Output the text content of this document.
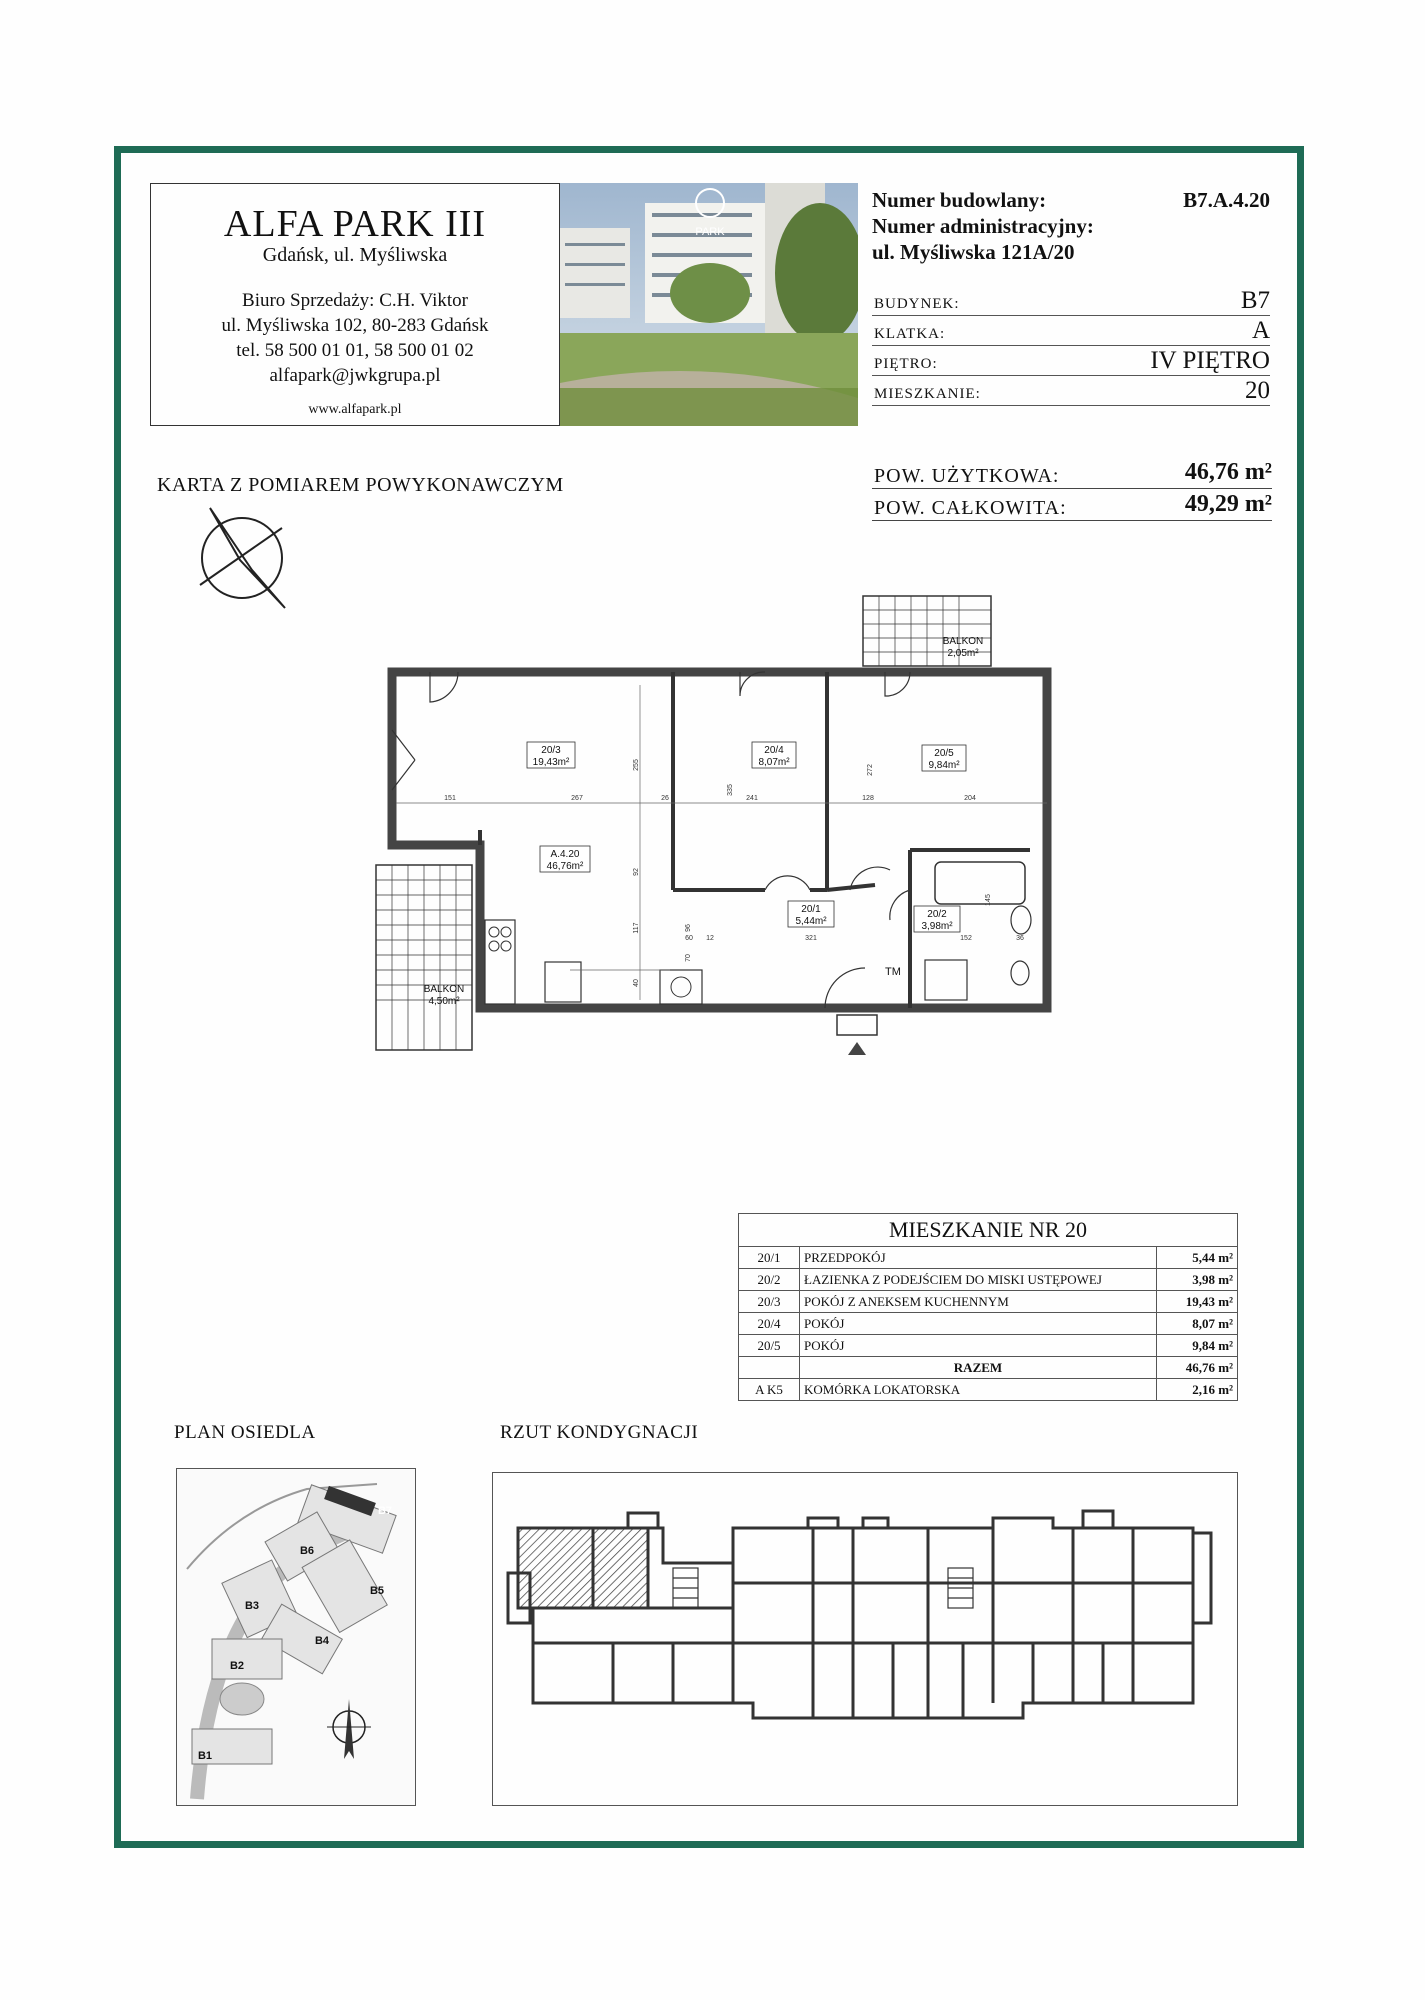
ALFA PARK III
Gdańsk, ul. Myśliwska
Biuro Sprzedaży: C.H. Viktor
ul. Myśliwska 102, 80-283 Gdańsk
tel. 58 500 01 01, 58 500 01 02
alfapark@jwkgrupa.pl
www.alfapark.pl
PARK
Numer budowlany:	B7.A.4.20
Numer administracyjny:
ul. Myśliwska 121A/20
BUDYNEK:	B7
KLATKA:	A
PIĘTRO:	IV PIĘTRO
MIESZKANIE:	20
KARTA Z POMIAREM POWYKONAWCZYM	POW. UŻYTKOWA:	46,76 m²
POW. CAŁKOWITA:	49,29 m²
BALKON
2,05m²
BALKON
4,50m²
20/3
19,43m²
20/4
8,07m²
20/5
9,84m²
A.4.20
46,76m²
20/1
5,44m²
20/2
3,98m²
TM
151	267	26	241	128	204
255
335
272
92
117	96
70
40
145
60 12	321	152	36
MIESZKANIE NR 20		
20/1	PRZEDPOKÓJ	5,44 m²
20/2	ŁAZIENKA Z PODEJŚCIEM DO MISKI USTĘPOWEJ	3,98 m²
20/3	POKÓJ Z ANEKSEM KUCHENNYM	19,43 m²
20/4	POKÓJ	8,07 m²
20/5	POKÓJ	9,84 m²
	RAZEM	46,76 m²
A K5	KOMÓRKA LOKATORSKA	2,16 m²
PLAN OSIEDLA
B1
B2
B3
B4
B5
B6
B7
RZUT KONDYGNACJI
